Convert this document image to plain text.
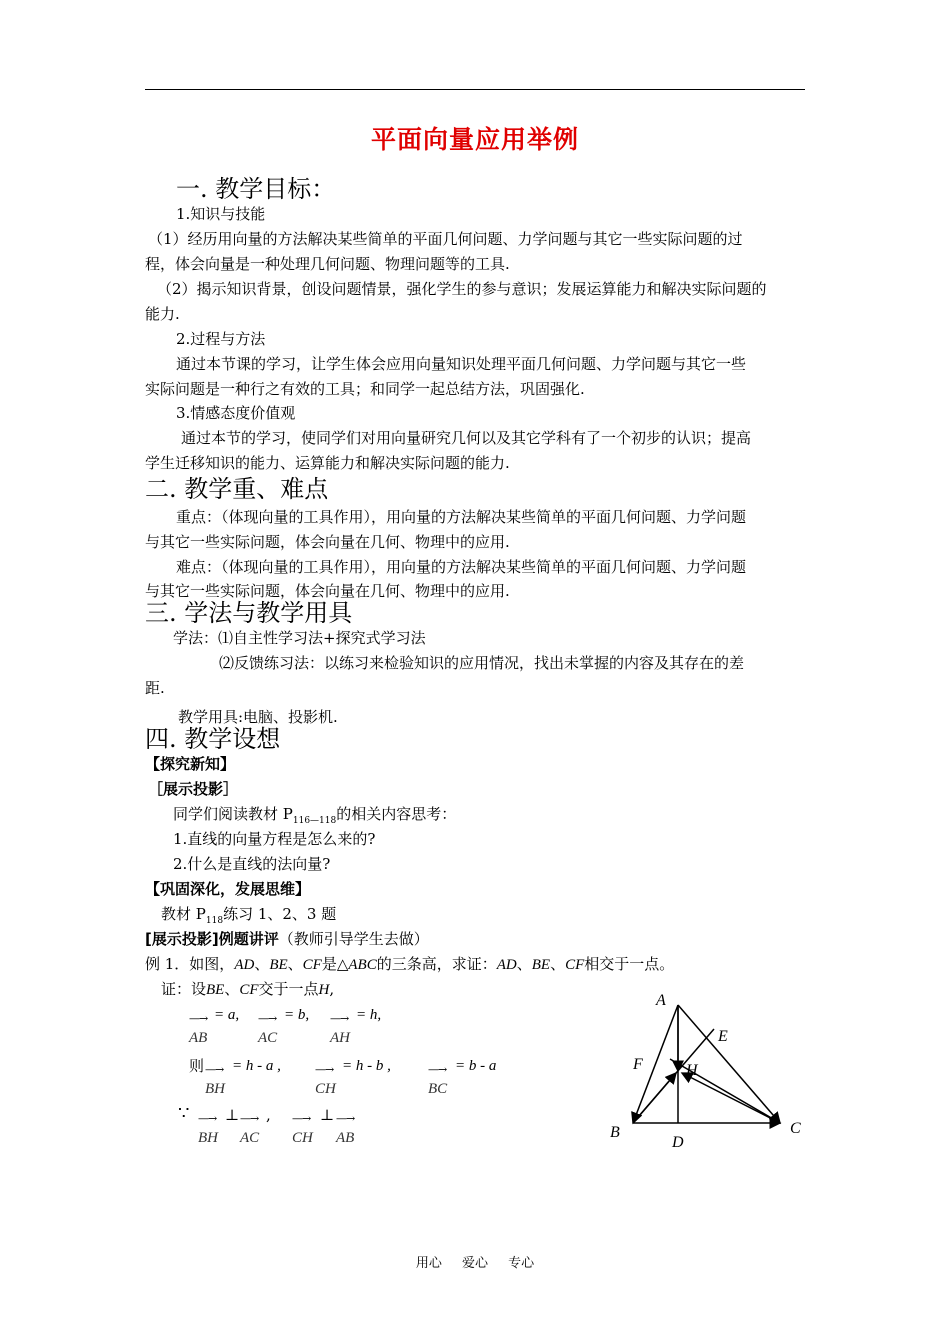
平面向量应用举例
一. 教学目标：
1.知识与技能
（1）经历用向量的方法解决某些简单的平面几何问题、力学问题与其它一些实际问题的过
程，体会向量是一种处理几何问题、物理问题等的工具.
（2）揭示知识背景，创设问题情景，强化学生的参与意识；发展运算能力和解决实际问题的
能力.
2.过程与方法
通过本节课的学习，让学生体会应用向量知识处理平面几何问题、力学问题与其它一些
实际问题是一种行之有效的工具；和同学一起总结方法，巩固强化.
3.情感态度价值观
通过本节的学习，使同学们对用向量研究几何以及其它学科有了一个初步的认识；提高
学生迁移知识的能力、运算能力和解决实际问题的能力.
二. 教学重、难点
重点：（体现向量的工具作用），用向量的方法解决某些简单的平面几何问题、力学问题
与其它一些实际问题，体会向量在几何、物理中的应用.
难点：（体现向量的工具作用），用向量的方法解决某些简单的平面几何问题、力学问题
与其它一些实际问题，体会向量在几何、物理中的应用.
三. 学法与教学用具
学法：⑴自主性学习法+探究式学习法
⑵反馈练习法：以练习来检验知识的应用情况，找出未掌握的内容及其存在的差
距.
教学用具:电脑、投影机.
四. 教学设想
【探究新知】
［展示投影］
同学们阅读教材 $P_{116—118}$的相关内容思考：
1.直线的向量方程是怎么来的?
2.什么是直线的法向量?
【巩固深化，发展思维】
教材 $P_{118}$练习 1、2、3 题
[展示投影]例题讲评（教师引导学生去做）
例 1．如图，AD、BE、CF是△ABC的三条高，求证：AD、BE、CF相交于一点。
证：设BE、CF交于一点H,
—→
AB
= a, —→
AC
= b, —→
AH
= h,
则 —→
BH
= h - a ,	—→
CH
= h - b ,	—→
BC
= b - a
∵ —→
BH
⊥ —→
AC
, —→
CH
⊥ —→
AB
A
B	C
D
E
F	H
用心 爱心 专心
